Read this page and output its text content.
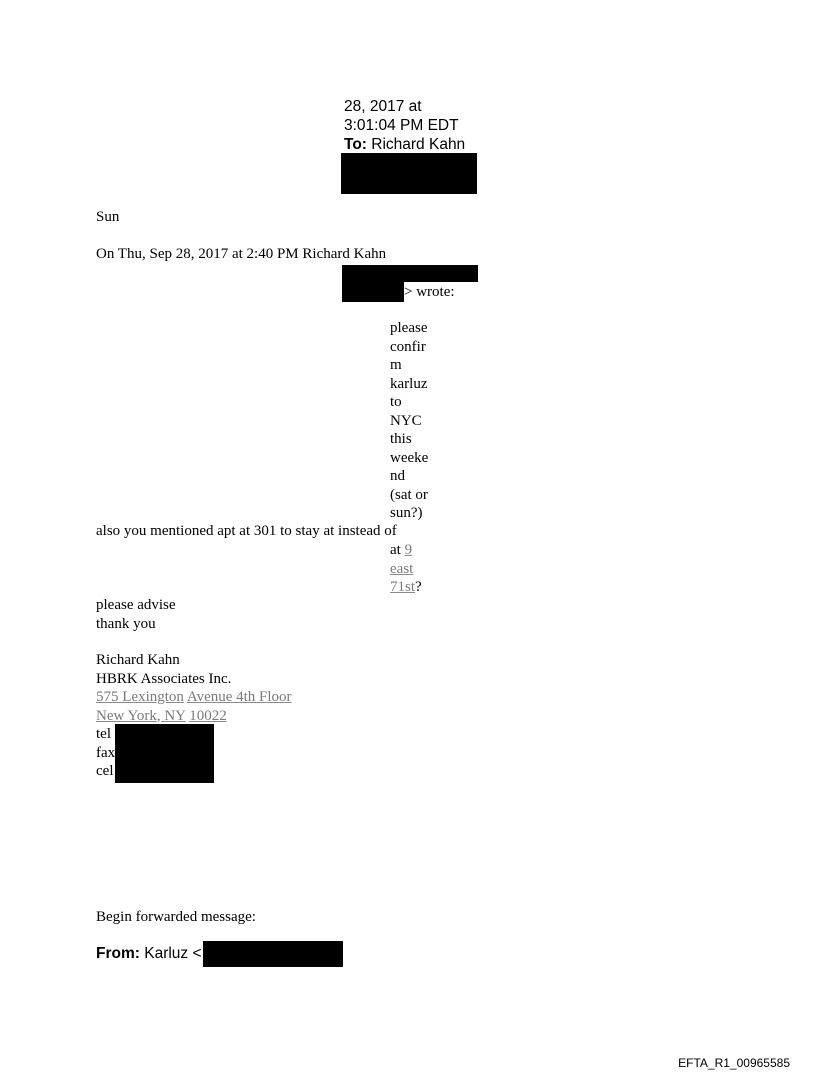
28, 2017 at
3:01:04 PM EDT
To: Richard Kahn
Sun
On Thu, Sep 28, 2017 at 2:40 PM Richard Kahn
> wrote:
please
confir
m
karluz
to
NYC
this
weeke
nd
(sat or
sun?)
also you mentioned apt at 301 to stay at instead of
at 9
east
71st?
please advise
thank you
Richard Kahn
HBRK Associates Inc.
575 Lexington Avenue 4th Floor
New York, NY 10022
tel
fax
cel
Begin forwarded message:
From: Karluz <
EFTA_R1_00965585
